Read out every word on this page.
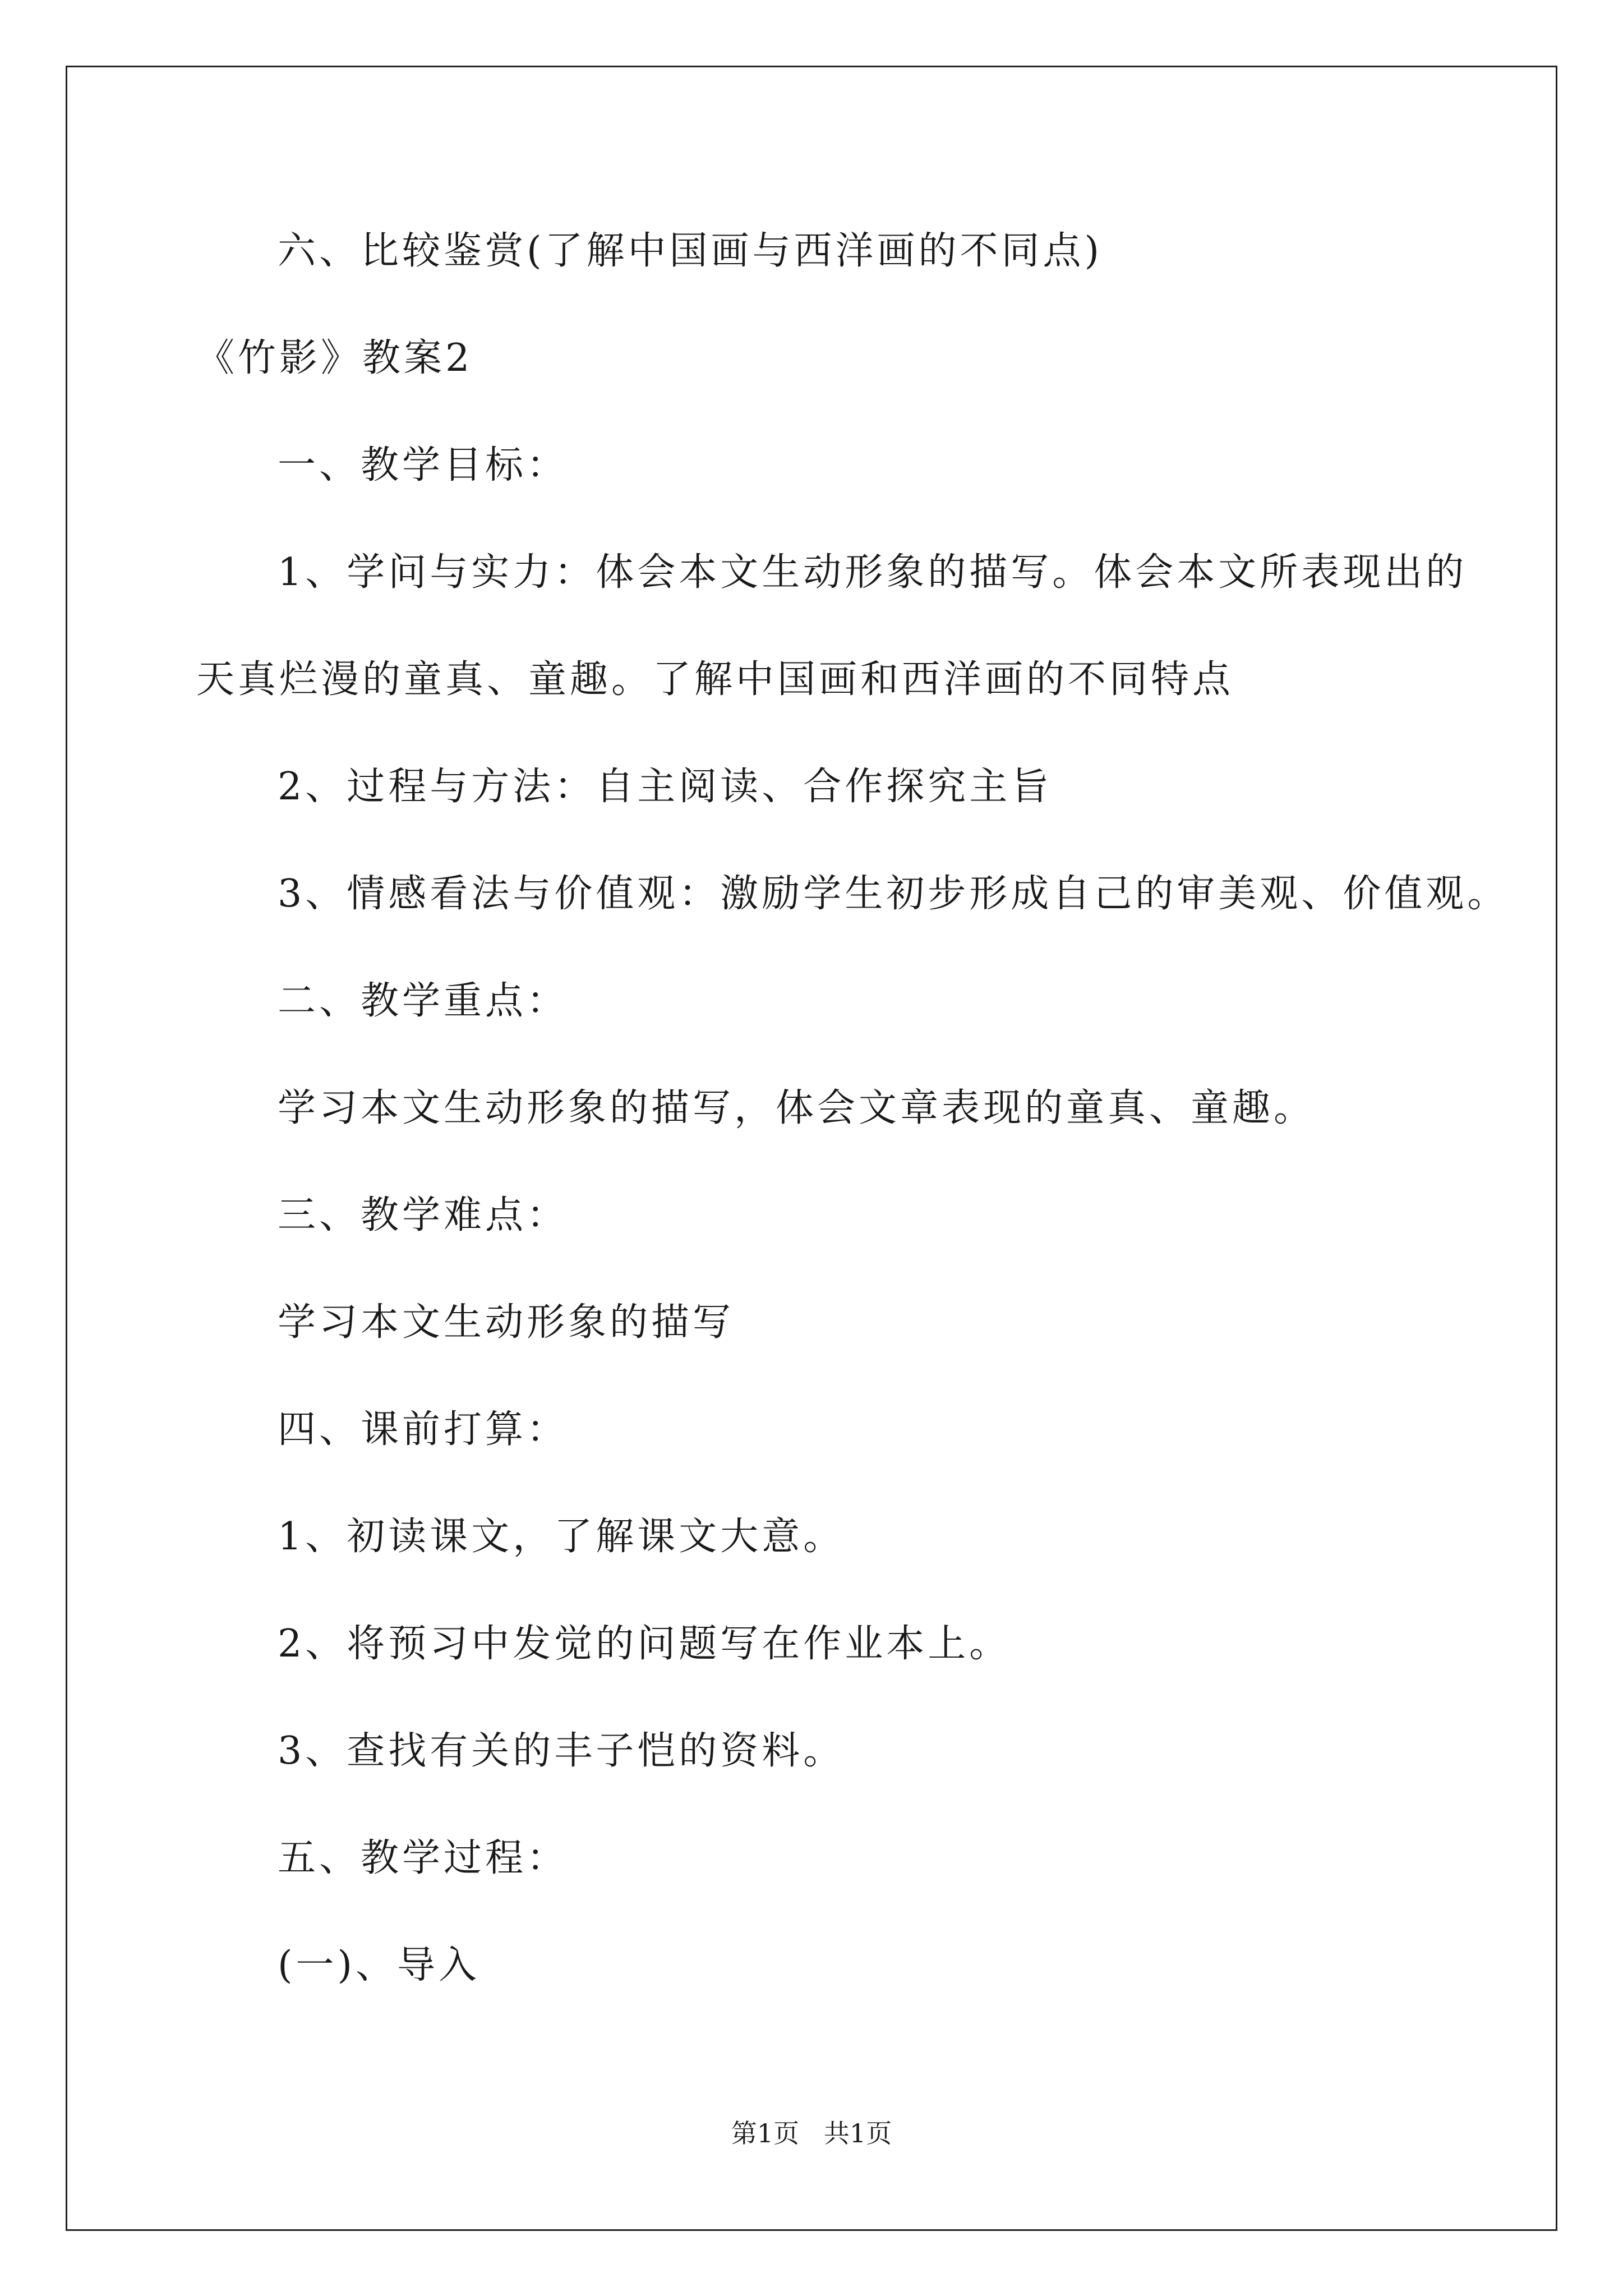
六、比较鉴赏(了解中国画与西洋画的不同点)
《竹影》教案2
一、教学目标：
1、学问与实力：体会本文生动形象的描写。体会本文所表现出的
天真烂漫的童真、童趣。了解中国画和西洋画的不同特点
2、过程与方法：自主阅读、合作探究主旨
3、情感看法与价值观：激励学生初步形成自己的审美观、价值观。
二、教学重点：
学习本文生动形象的描写，体会文章表现的童真、童趣。
三、教学难点：
学习本文生动形象的描写
四、课前打算：
1、初读课文，了解课文大意。
2、将预习中发觉的问题写在作业本上。
3、查找有关的丰子恺的资料。
五、教学过程：
(一)、导入
第1页   共1页
